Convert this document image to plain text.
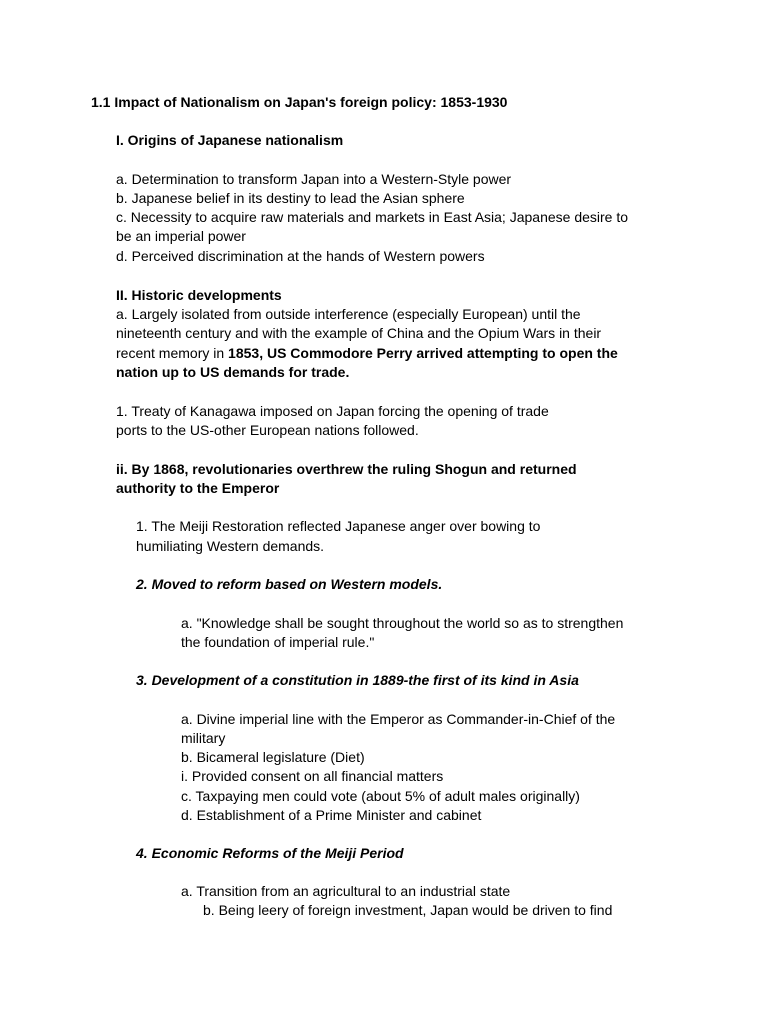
1.1 Impact of Nationalism on Japan's foreign policy: 1853-1930
I. Origins of Japanese nationalism
a. Determination to transform Japan into a Western-Style power
b. Japanese belief in its destiny to lead the Asian sphere
c. Necessity to acquire raw materials and markets in East Asia; Japanese desire to
be an imperial power
d. Perceived discrimination at the hands of Western powers
II. Historic developments
a. Largely isolated from outside interference (especially European) until the
nineteenth century and with the example of China and the Opium Wars in their
recent memory in 1853, US Commodore Perry arrived attempting to open the
nation up to US demands for trade.
1. Treaty of Kanagawa imposed on Japan forcing the opening of trade
ports to the US-other European nations followed.
ii. By 1868, revolutionaries overthrew the ruling Shogun and returned
authority to the Emperor
1. The Meiji Restoration reflected Japanese anger over bowing to
humiliating Western demands.
2. Moved to reform based on Western models.
a. "Knowledge shall be sought throughout the world so as to strengthen
the foundation of imperial rule."
3. Development of a constitution in 1889-the first of its kind in Asia
a. Divine imperial line with the Emperor as Commander-in-Chief of the
military
b. Bicameral legislature (Diet)
i. Provided consent on all financial matters
c. Taxpaying men could vote (about 5% of adult males originally)
d. Establishment of a Prime Minister and cabinet
4. Economic Reforms of the Meiji Period
a. Transition from an agricultural to an industrial state
b. Being leery of foreign investment, Japan would be driven to find
